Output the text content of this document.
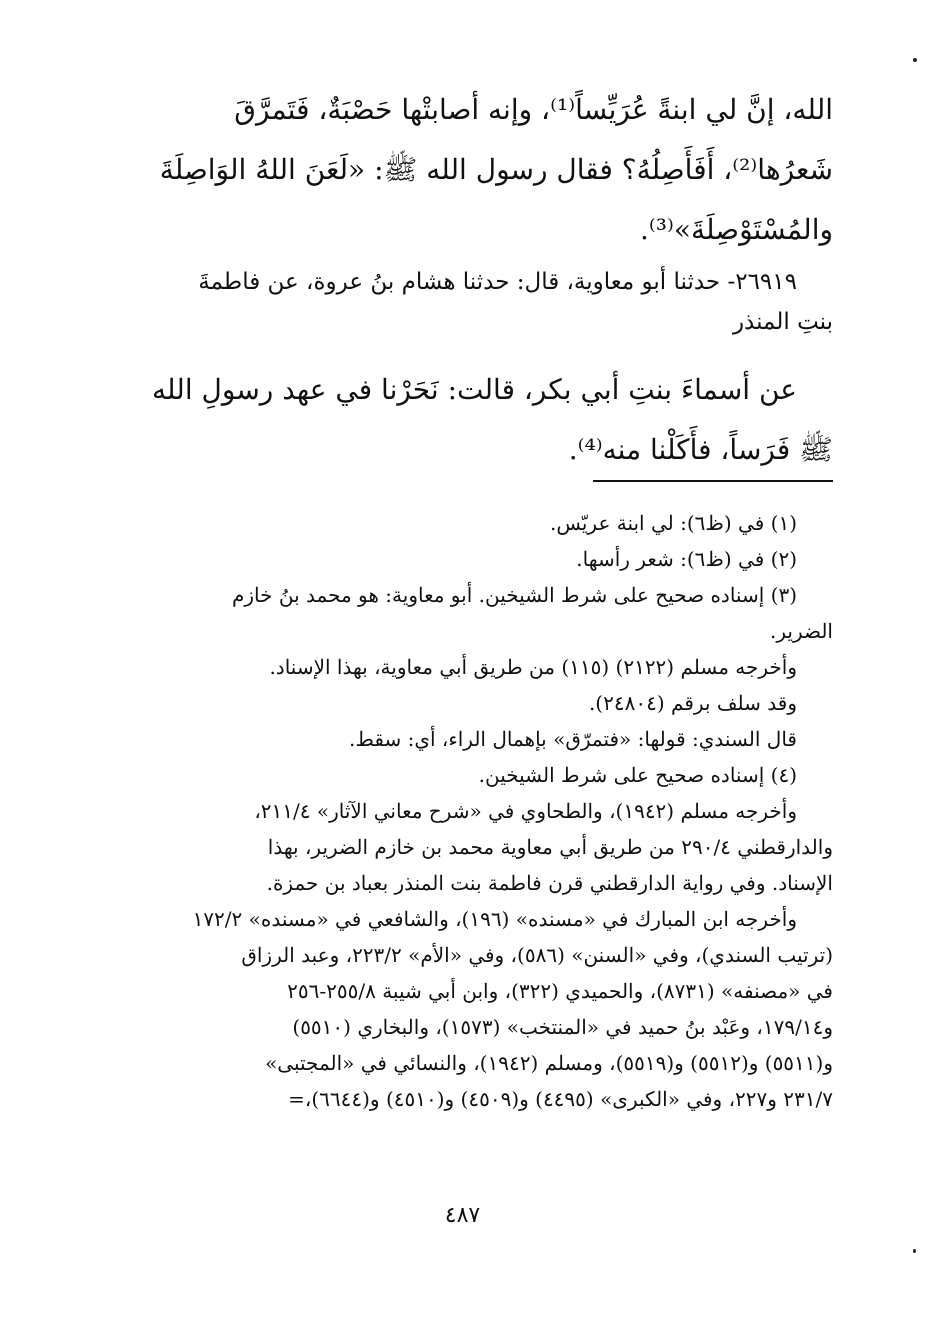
الله، إنَّ لي ابنةً عُرَيِّساً⁽¹⁾، وإنه أصابتْها حَصْبَةٌ، فَتَمرَّقَ
شَعرُها⁽²⁾، أَفَأَصِلُهُ؟ فقال رسول الله ﷺ: «لَعَنَ اللهُ الوَاصِلَةَ
والمُسْتَوْصِلَةَ»⁽³⁾.
٢٦٩١٩- حدثنا أبو معاوية، قال: حدثنا هشام بنُ عروة، عن فاطمةَ
بنتِ المنذر
عن أسماءَ بنتِ أبي بكر، قالت: نَحَرْنا في عهد رسولِ الله
ﷺ فَرَساً، فأَكَلْنا منه⁽⁴⁾.
(١) في (ظ٦): لي ابنة عريّس.
(٢) في (ظ٦): شعر رأسها.
(٣) إسناده صحيح على شرط الشيخين. أبو معاوية: هو محمد بنُ خازم
الضرير.
وأخرجه مسلم (٢١٢٢) (١١٥) من طريق أبي معاوية، بهذا الإسناد.
وقد سلف برقم (٢٤٨٠٤).
قال السندي: قولها: «فتمرّق» بإهمال الراء، أي: سقط.
(٤) إسناده صحيح على شرط الشيخين.
وأخرجه مسلم (١٩٤٢)، والطحاوي في «شرح معاني الآثار» ٢١١/٤،
والدارقطني ٢٩٠/٤ من طريق أبي معاوية محمد بن خازم الضرير، بهذا
الإسناد. وفي رواية الدارقطني قرن فاطمة بنت المنذر بعباد بن حمزة.
وأخرجه ابن المبارك في «مسنده» (١٩٦)، والشافعي في «مسنده» ١٧٢/٢
(ترتيب السندي)، وفي «السنن» (٥٨٦)، وفي «الأم» ٢٢٣/٢، وعبد الرزاق
في «مصنفه» (٨٧٣١)، والحميدي (٣٢٢)، وابن أبي شيبة ٢٥٥/٨-٢٥٦
و١٧٩/١٤، وعَبْد بنُ حميد في «المنتخب» (١٥٧٣)، والبخاري (٥٥١٠)
و(٥٥١١) و(٥٥١٢) و(٥٥١٩)، ومسلم (١٩٤٢)، والنسائي في «المجتبى»
٢٣١/٧ و٢٢٧، وفي «الكبرى» (٤٤٩٥) و(٤٥٠٩) و(٤٥١٠) و(٦٦٤٤)،=
٤٨٧
